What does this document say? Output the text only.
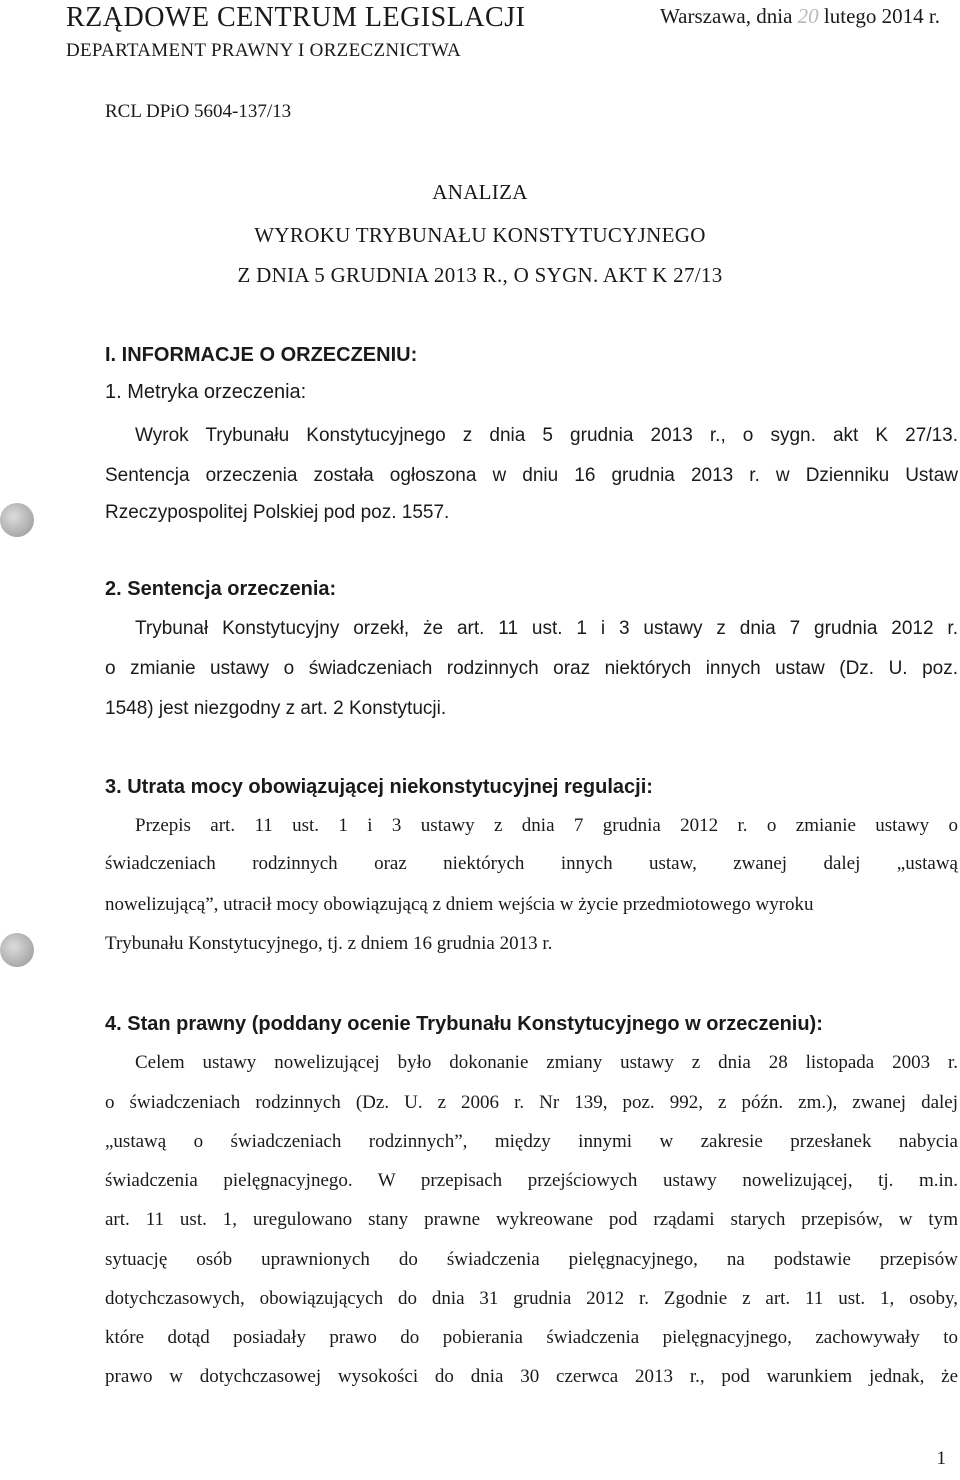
RZĄDOWE CENTRUM LEGISLACJI
DEPARTAMENT PRAWNY I ORZECZNICTWA
Warszawa, dnia 20 lutego 2014 r.
RCL DPiO 5604-137/13
ANALIZA
WYROKU TRYBUNAŁU KONSTYTUCYJNEGO
Z DNIA 5 GRUDNIA 2013 R., O SYGN. AKT K 27/13
I. INFORMACJE O ORZECZENIU:
1. Metryka orzeczenia:
Wyrok Trybunału Konstytucyjnego z dnia 5 grudnia 2013 r., o sygn. akt K 27/13.
Sentencja orzeczenia została ogłoszona w dniu 16 grudnia 2013 r. w Dzienniku Ustaw
Rzeczypospolitej Polskiej pod poz. 1557.
2. Sentencja orzeczenia:
Trybunał Konstytucyjny orzekł, że art. 11 ust. 1 i 3 ustawy z dnia 7 grudnia 2012 r.
o zmianie ustawy o świadczeniach rodzinnych oraz niektórych innych ustaw (Dz. U. poz.
1548) jest niezgodny z art. 2 Konstytucji.
3. Utrata mocy obowiązującej niekonstytucyjnej regulacji:
Przepis art. 11 ust. 1 i 3 ustawy z dnia 7 grudnia 2012 r. o zmianie ustawy o
świadczeniach rodzinnych oraz niektórych innych ustaw, zwanej dalej „ustawą
nowelizującą”, utracił mocy obowiązującą z dniem wejścia w życie przedmiotowego wyroku
Trybunału Konstytucyjnego, tj. z dniem 16 grudnia 2013 r.
4. Stan prawny (poddany ocenie Trybunału Konstytucyjnego w orzeczeniu):
Celem ustawy nowelizującej było dokonanie zmiany ustawy z dnia 28 listopada 2003 r.
o świadczeniach rodzinnych (Dz. U. z 2006 r. Nr 139, poz. 992, z późn. zm.), zwanej dalej
„ustawą o świadczeniach rodzinnych”, między innymi w zakresie przesłanek nabycia
świadczenia pielęgnacyjnego. W przepisach przejściowych ustawy nowelizującej, tj. m.in.
art. 11 ust. 1, uregulowano stany prawne wykreowane pod rządami starych przepisów, w tym
sytuację osób uprawnionych do świadczenia pielęgnacyjnego, na podstawie przepisów
dotychczasowych, obowiązujących do dnia 31 grudnia 2012 r. Zgodnie z art. 11 ust. 1, osoby,
które dotąd posiadały prawo do pobierania świadczenia pielęgnacyjnego, zachowywały to
prawo w dotychczasowej wysokości do dnia 30 czerwca 2013 r., pod warunkiem jednak, że
1
